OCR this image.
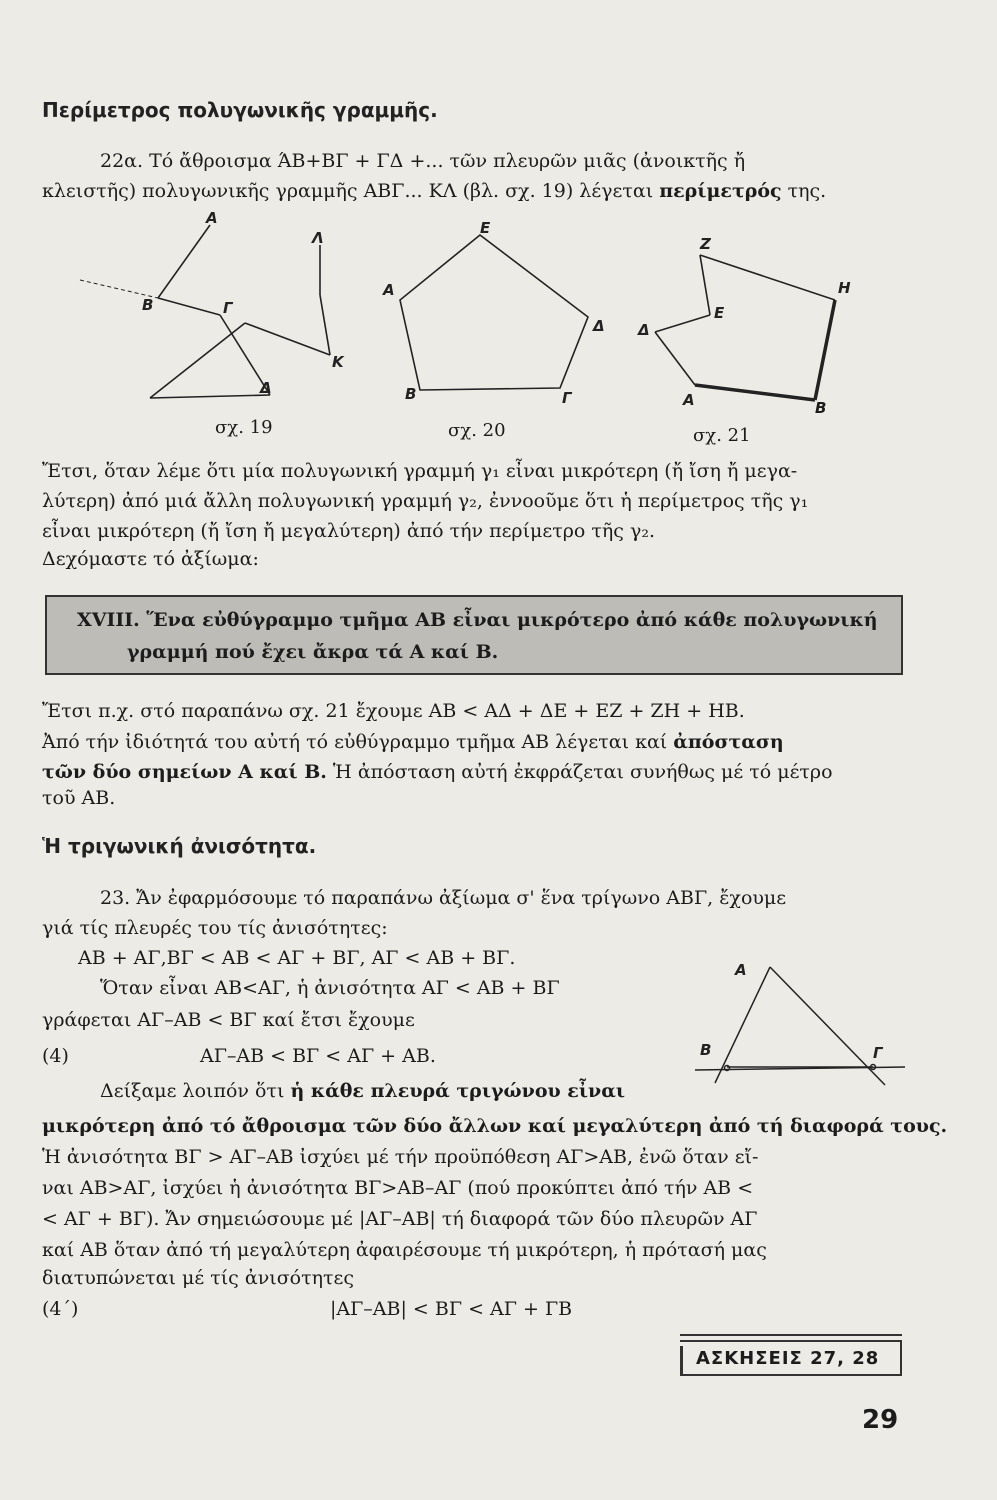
Περίμετρος πολυγωνικῆς γραμμῆς.
22α. Τό ἄθροισμα ΆΒ+ΒΓ + ΓΔ +... τῶν πλευρῶν μιᾶς (ἀνοικτῆς ἤ
κλειστῆς) πολυγωνικῆς γραμμῆς ΑΒΓ... ΚΛ (βλ. σχ. 19) λέγεται περίμετρός της.
Α
Λ
Β	Γ
Κ
Δ
Ε
Α
Δ
Β	Γ
Ζ
Η
Ε
Δ
Α	Β
σχ. 19	σχ. 20	σχ. 21
Ἔτσι, ὅταν λέμε ὅτι μία πολυγωνική γραμμή γ₁ εἶναι μικρότερη (ἤ ἴση ἤ μεγα-
λύτερη) ἀπό μιά ἄλλη πολυγωνική γραμμή γ₂, ἐννοοῦμε ὅτι ἡ περίμετρος τῆς γ₁
εἶναι μικρότερη (ἤ ἴση ἤ μεγαλύτερη) ἀπό τήν περίμετρο τῆς γ₂.
Δεχόμαστε τό ἀξίωμα:
XVIII. Ἕνα εὐθύγραμμο τμῆμα ΑΒ εἶναι μικρότερο ἀπό κάθε πολυγωνική
γραμμή πού ἔχει ἄκρα τά Α καί Β.
Ἔτσι π.χ. στό παραπάνω σχ. 21 ἔχουμε ΑΒ < ΑΔ + ΔΕ + ΕΖ + ΖΗ + ΗΒ.
Ἀπό τήν ἰδιότητά του αὐτή τό εὐθύγραμμο τμῆμα ΑΒ λέγεται καί ἀπόσταση
τῶν δύο σημείων Α καί Β. Ἡ ἀπόσταση αὐτή ἐκφράζεται συνήθως μέ τό μέτρο
τοῦ ΑΒ.
Ἡ τριγωνική ἀνισότητα.
23. Ἄν ἐφαρμόσουμε τό παραπάνω ἀξίωμα σ' ἕνα τρίγωνο ΑΒΓ, ἔχουμε
γιά τίς πλευρές του τίς ἀνισότητες:
ΑΒ + ΑΓ,ΒΓ < ΑΒ < ΑΓ + ΒΓ, ΑΓ < ΑΒ + ΒΓ.
Ὅταν εἶναι ΑΒ<ΑΓ, ἡ ἀνισότητα ΑΓ < ΑΒ + ΒΓ
γράφεται ΑΓ–ΑΒ < ΒΓ καί ἔτσι ἔχουμε
(4)	ΑΓ–ΑΒ < ΒΓ < ΑΓ + ΑΒ.
Α
Β	Γ
Δείξαμε λοιπόν ὅτι ἡ κάθε πλευρά τριγώνου εἶναι
μικρότερη ἀπό τό ἄθροισμα τῶν δύο ἄλλων καί μεγαλύτερη ἀπό τή διαφορά τους.
Ἡ ἀνισότητα ΒΓ > ΑΓ–ΑΒ ἰσχύει μέ τήν προϋπόθεση ΑΓ>ΑΒ, ἐνῶ ὅταν εἴ-
ναι ΑΒ>ΑΓ, ἰσχύει ἡ ἀνισότητα ΒΓ>ΑΒ–ΑΓ (πού προκύπτει ἀπό τήν ΑΒ <
< ΑΓ + ΒΓ). Ἄν σημειώσουμε μέ |ΑΓ–ΑΒ| τή διαφορά τῶν δύο πλευρῶν ΑΓ
καί ΑΒ ὅταν ἀπό τή μεγαλύτερη ἀφαιρέσουμε τή μικρότερη, ἡ πρότασή μας
διατυπώνεται μέ τίς ἀνισότητες
(4΄)	|ΑΓ–ΑΒ| < ΒΓ < ΑΓ + ΓΒ
ΑΣΚΗΣΕΙΣ 27, 28
29
